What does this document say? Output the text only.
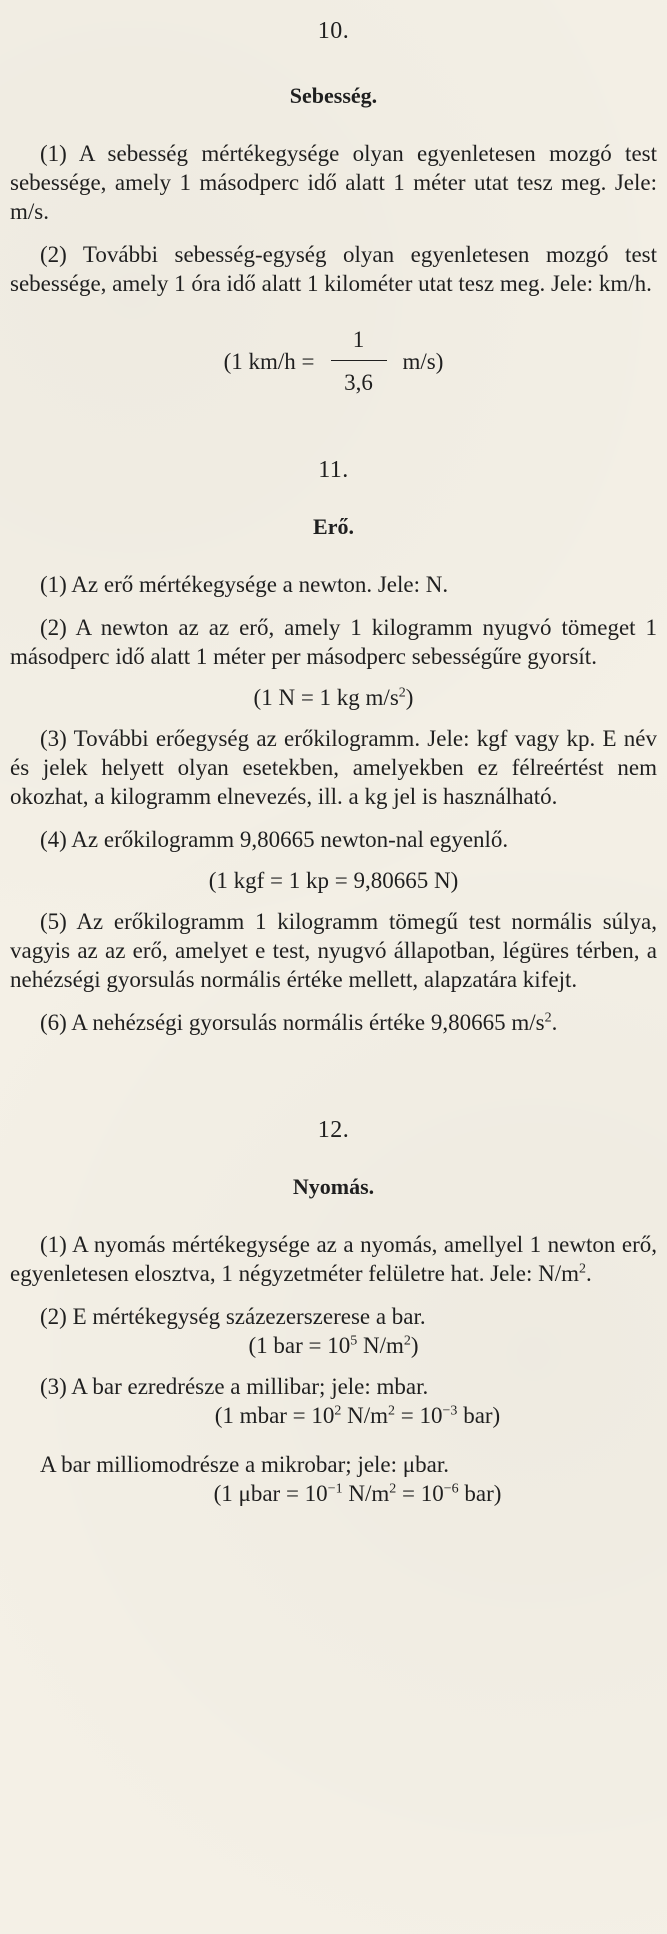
10.

Sebesség.

(1) A sebesség mértékegysége olyan egyenletesen mozgó test sebessége, amely 1 másodperc idő alatt 1 méter utat tesz meg. Jele: m/s.

(2) További sebesség-egység olyan egyenletesen mozgó test sebessége, amely 1 óra idő alatt 1 kilométer utat tesz meg. Jele: km/h.

(1 $km/h = \frac{1}{3,6} m/s$)

11.

Erő.

(1) Az erő mértékegysége a newton. Jele: N.

(2) A newton az az erő, amely 1 kilogramm nyugvó tömeget 1 másodperc idő alatt 1 méter per másodperc sebességűre gyorsít.

(1 N = 1 kg $m/s^2$)

(3) További erőegység az erőkilogramm. Jele: kgf vagy kp. E név és jelek helyett olyan esetekben, amelyekben ez félreértést nem okozhat, a kilogramm elnevezés, ill. a kg jel is használható.

(4) Az erőkilogramm 9,80665 newton-nal egyenlő.

(1 kgf = 1 kp = 9,80665 N)

(5) Az erőkilogramm 1 kilogramm tömegű test normális súlya, vagyis az az erő, amelyet e test, nyugvó állapotban, légüres térben, a nehézségi gyorsulás normális értéke mellett, alapzatára kifejt.

(6) A nehézségi gyorsulás normális értéke 9,80665 $m/s^2$.

12.

Nyomás.

(1) A nyomás mértékegysége az a nyomás, amellyel 1 newton erő, egyenletesen elosztva, 1 négyzetméter felületre hat. Jele: $N/m^2$.

(2) E mértékegység százezerszerese a bar.

(1 bar = $10^5$ $N/m^2$)

(3) A bar ezredrésze a millibar; jele: mbar.

(1 mbar = $10^2$ $N/m^2 = 10^{-3}$ bar)

A bar milliomodrésze a mikrobar; jele: μbar.

(1 $\mu bar = 10^{-1}$ $N/m^2 = 10^{-6}$ bar)
